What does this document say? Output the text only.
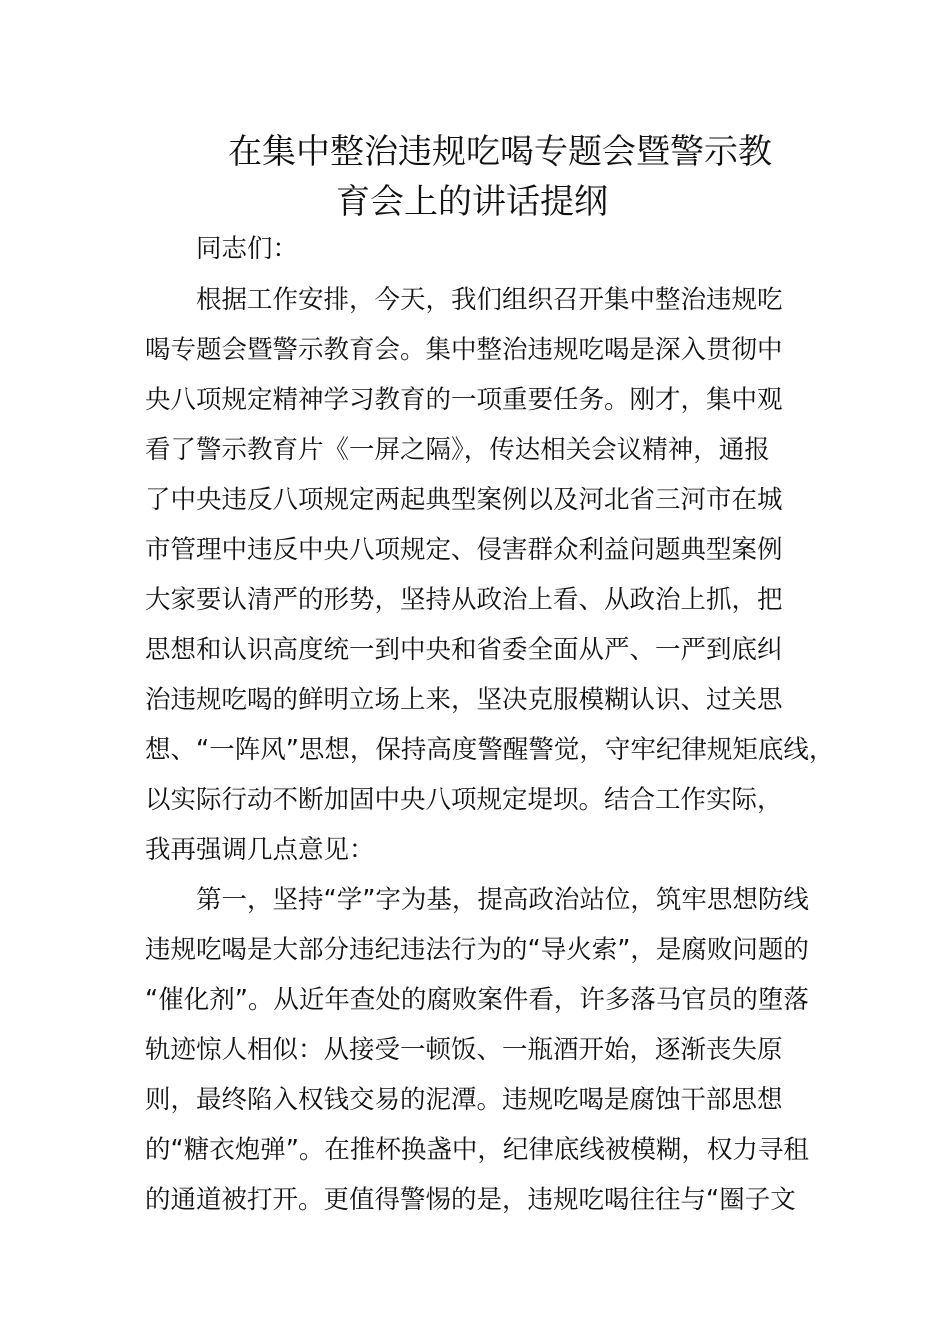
在集中整治违规吃喝专题会暨警示教
育会上的讲话提纲

同志们：

根据工作安排，今天，我们组织召开集中整治违规吃

喝专题会暨警示教育会。集中整治违规吃喝是深入贯彻中

央八项规定精神学习教育的一项重要任务。刚才，集中观

看了警示教育片《一屏之隔》，传达相关会议精神，通报

了中央违反八项规定两起典型案例以及河北省三河市在城

市管理中违反中央八项规定、侵害群众利益问题典型案例

大家要认清严的形势，坚持从政治上看、从政治上抓，把

思想和认识高度统一到中央和省委全面从严、一严到底纠

治违规吃喝的鲜明立场上来，坚决克服模糊认识、过关思

想、“一阵风”思想，保持高度警醒警觉，守牢纪律规矩底线，

以实际行动不断加固中央八项规定堤坝。结合工作实际，

我再强调几点意见：

第一，坚持“学”字为基，提高政治站位，筑牢思想防线

违规吃喝是大部分违纪违法行为的“导火索”，是腐败问题的

“催化剂”。从近年查处的腐败案件看，许多落马官员的堕落

轨迹惊人相似：从接受一顿饭、一瓶酒开始，逐渐丧失原

则，最终陷入权钱交易的泥潭。违规吃喝是腐蚀干部思想

的“糖衣炮弹”。在推杯换盏中，纪律底线被模糊，权力寻租

的通道被打开。更值得警惕的是，违规吃喝往往与“圈子文
